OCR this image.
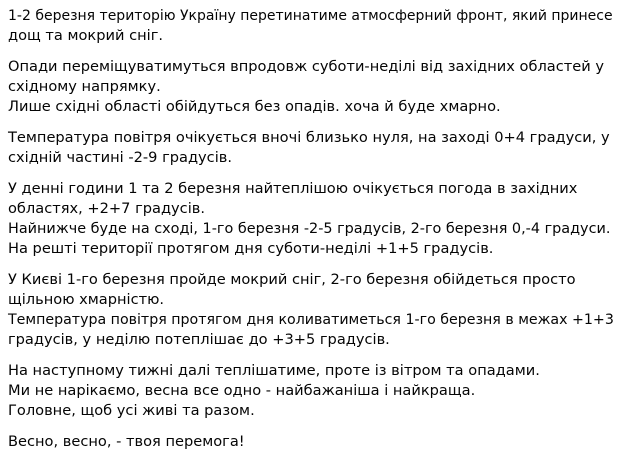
1-2 березня територію Україну перетинатиме атмосферний фронт, який принесе
дощ та мокрий сніг.
Опади переміщуватимуться впродовж суботи-неділі від західних областей у
східному напрямку.
Лише східні області обійдуться без опадів. хоча й буде хмарно.
Температура повітря очікується вночі близько нуля, на заході 0+4 градуси, у
східній частині -2-9 градусів.
У денні години 1 та 2 березня найтеплішою очікується погода в західних
областях, +2+7 градусів.
Найнижче буде на сході, 1-го березня -2-5 градусів, 2-го березня 0,-4 градуси.
На решті території протягом дня суботи-неділі +1+5 градусів.
У Києві 1-го березня пройде мокрий сніг, 2-го березня обійдеться просто
щільною хмарністю.
Температура повітря протягом дня коливатиметься 1-го березня в межах +1+3
градусів, у неділю потеплішає до +3+5 градусів.
На наступному тижні далі теплішатиме, проте із вітром та опадами.
Ми не нарікаємо, весна все одно - найбажаніша і найкраща.
Головне, щоб усі живі та разом.
Весно, весно, - твоя перемога!
